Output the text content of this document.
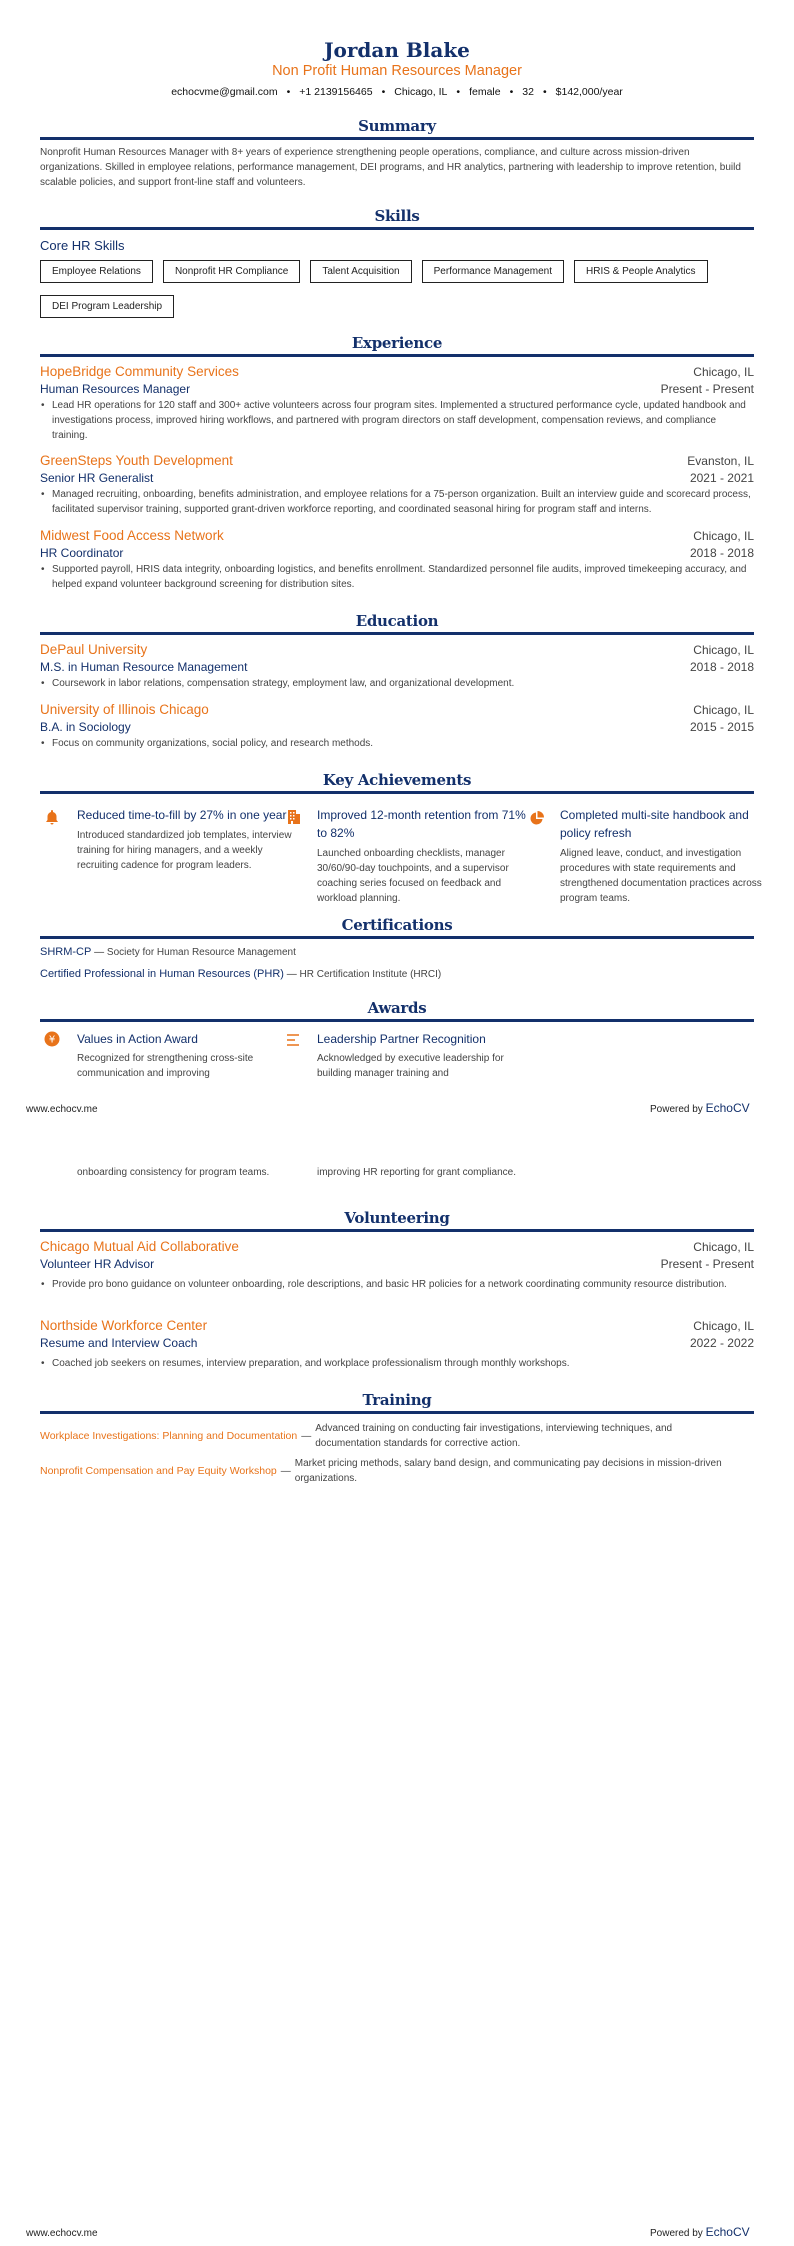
Jordan Blake
Non Profit Human Resources Manager
echocvme@gmail.com • +1 2139156465 • Chicago, IL • female • 32 • $142,000/year
Summary
Nonprofit Human Resources Manager with 8+ years of experience strengthening people operations, compliance, and culture across mission-driven organizations. Skilled in employee relations, performance management, DEI programs, and HR analytics, partnering with leadership to improve retention, build scalable policies, and support front-line staff and volunteers.
Skills
Core HR Skills
Employee Relations	Nonprofit HR Compliance	Talent Acquisition	Performance Management	HRIS & People AnalyticsDEI Program Leadership
Experience
HopeBridge Community Services	Chicago, IL
Human Resources Manager	Present - Present
• Lead HR operations for 120 staff and 300+ active volunteers across four program sites. Implemented a structured performance cycle, updated handbook and investigations process, improved hiring workflows, and partnered with program directors on staff development, compensation reviews, and compliance training.
GreenSteps Youth Development	Evanston, IL
Senior HR Generalist	2021 - 2021
• Managed recruiting, onboarding, benefits administration, and employee relations for a 75-person organization. Built an interview guide and scorecard process, facilitated supervisor training, supported grant-driven workforce reporting, and coordinated seasonal hiring for program staff and interns.
Midwest Food Access Network	Chicago, IL
HR Coordinator	2018 - 2018
• Supported payroll, HRIS data integrity, onboarding logistics, and benefits enrollment. Standardized personnel file audits, improved timekeeping accuracy, and helped expand volunteer background screening for distribution sites.
Education
DePaul University	Chicago, IL
M.S. in Human Resource Management	2018 - 2018
• Coursework in labor relations, compensation strategy, employment law, and organizational development.
University of Illinois Chicago	Chicago, IL
B.A. in Sociology	2015 - 2015
• Focus on community organizations, social policy, and research methods.
Key Achievements
Reduced time-to-fill by 27% in one year
Introduced standardized job templates, interview training for hiring managers, and a weekly recruiting cadence for program leaders.
Improved 12-month retention from 71% to 82%
Launched onboarding checklists, manager 30/60/90-day touchpoints, and a supervisor coaching series focused on feedback and workload planning.
Completed multi-site handbook and policy refresh
Aligned leave, conduct, and investigation procedures with state requirements and strengthened documentation practices across program teams.
Certifications
SHRM-CP — Society for Human Resource Management
Certified Professional in Human Resources (PHR) — HR Certification Institute (HRCI)
Awards
¥ Values in Action Award
Recognized for strengthening cross-site communication and improving
Leadership Partner Recognition
Acknowledged by executive leadership for building manager training and
www.echocv.me	Powered by EchoCV
onboarding consistency for program teams.	improving HR reporting for grant compliance.
Volunteering
Chicago Mutual Aid Collaborative	Chicago, IL
Volunteer HR Advisor	Present - Present
• Provide pro bono guidance on volunteer onboarding, role descriptions, and basic HR policies for a network coordinating community resource distribution.
Northside Workforce Center	Chicago, IL
Resume and Interview Coach	2022 - 2022
• Coached job seekers on resumes, interview preparation, and workplace professionalism through monthly workshops.
Training
Workplace Investigations: Planning and Documentation —
Advanced training on conducting fair investigations, interviewing techniques, and documentation standards for corrective action.
Nonprofit Compensation and Pay Equity Workshop —
Market pricing methods, salary band design, and communicating pay decisions in mission-driven organizations.
www.echocv.me	Powered by EchoCV
